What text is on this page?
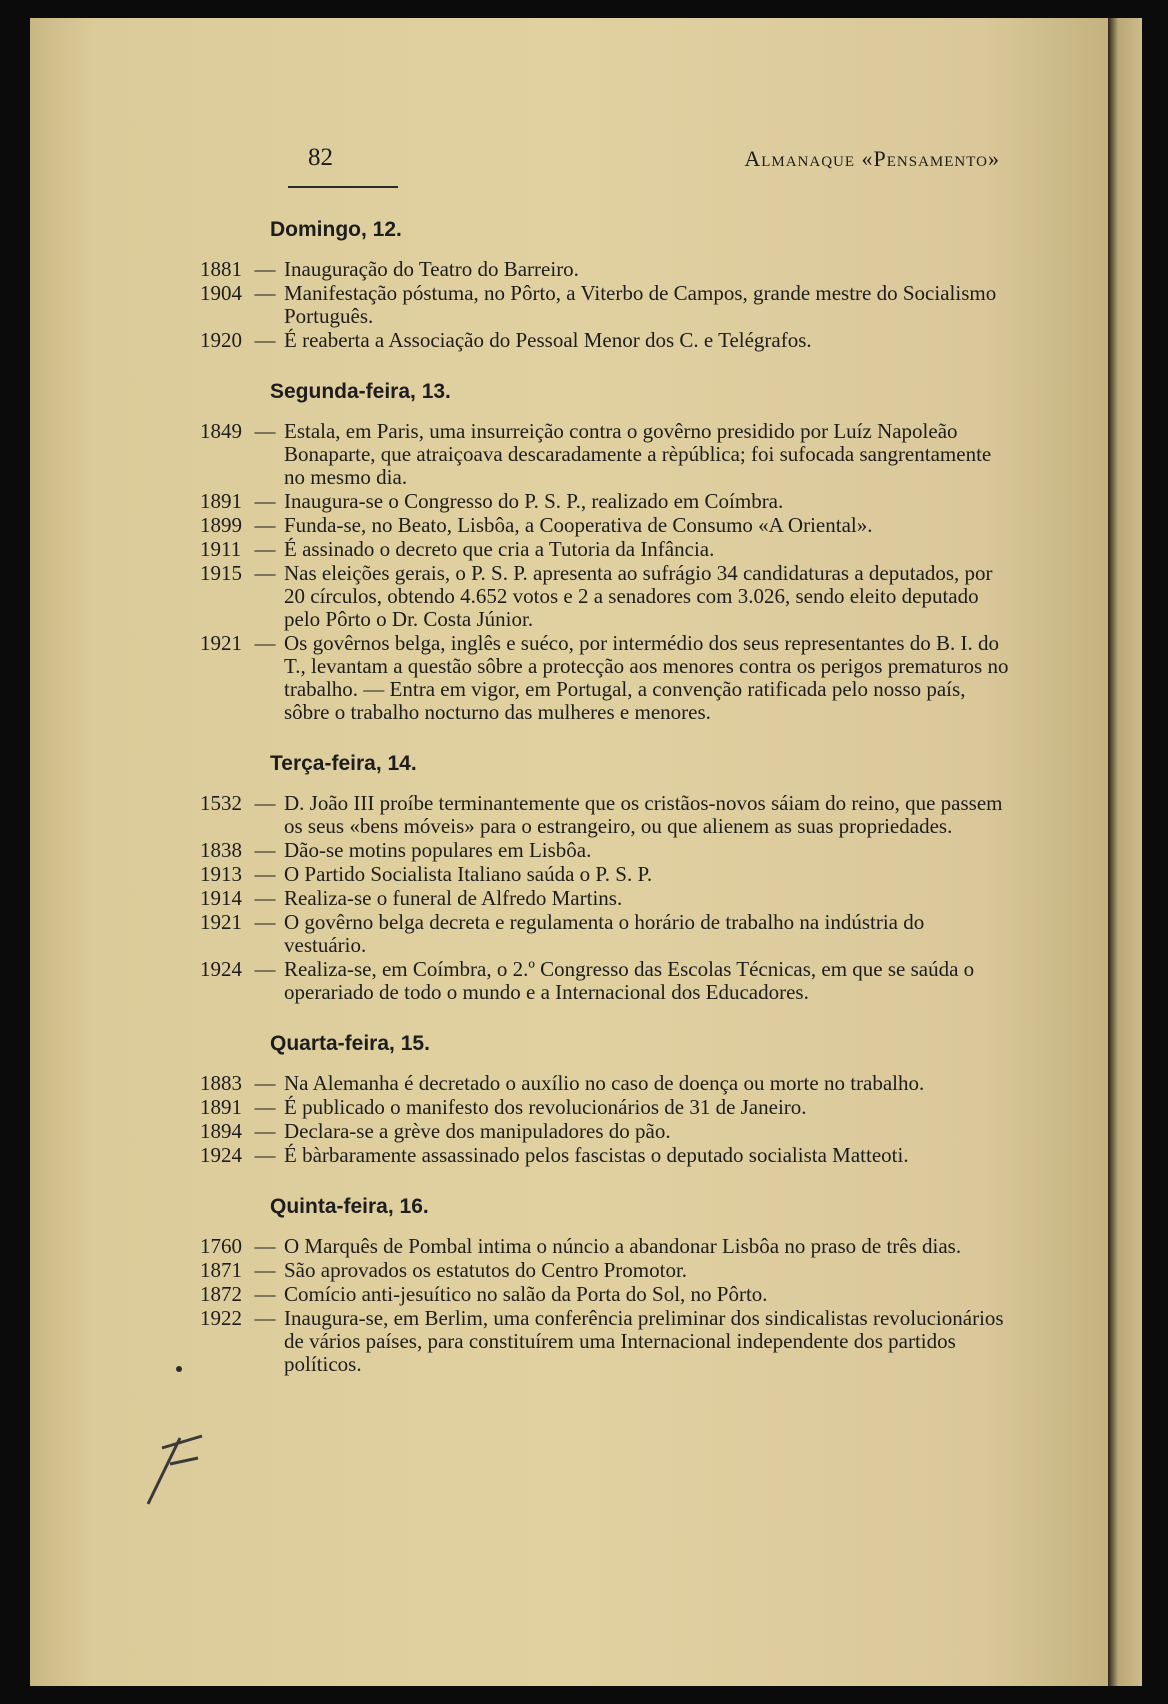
82	Almanaque «Pensamento»
Domingo, 12.
1881 — Inauguração do Teatro do Barreiro.
1904 — Manifestação póstuma, no Pôrto, a Viterbo de Campos, grande mestre do Socialismo Português.
1920 — É reaberta a Associação do Pessoal Menor dos C. e Telégrafos.
Segunda-feira, 13.
1849 — Estala, em Paris, uma insurreição contra o govêrno presidido por Luíz Napoleão Bonaparte, que atraiçoava descaradamente a rèpública; foi sufocada sangrentamente no mesmo dia.
1891 — Inaugura-se o Congresso do P. S. P., realizado em Coímbra.
1899 — Funda-se, no Beato, Lisbôa, a Cooperativa de Consumo «A Oriental».
1911 — É assinado o decreto que cria a Tutoria da Infância.
1915 — Nas eleições gerais, o P. S. P. apresenta ao sufrágio 34 candidaturas a deputados, por 20 círculos, obtendo 4.652 votos e 2 a senadores com 3.026, sendo eleito deputado pelo Pôrto o Dr. Costa Júnior.
1921 — Os govêrnos belga, inglês e suéco, por intermédio dos seus representantes do B. I. do T., levantam a questão sôbre a protecção aos menores contra os perigos prematuros no trabalho. — Entra em vigor, em Portugal, a convenção ratificada pelo nosso país, sôbre o trabalho nocturno das mulheres e menores.
Terça-feira, 14.
1532 — D. João III proíbe terminantemente que os cristãos-novos sáiam do reino, que passem os seus «bens móveis» para o estrangeiro, ou que alienem as suas propriedades.
1838 — Dão-se motins populares em Lisbôa.
1913 — O Partido Socialista Italiano saúda o P. S. P.
1914 — Realiza-se o funeral de Alfredo Martins.
1921 — O govêrno belga decreta e regulamenta o horário de trabalho na indústria do vestuário.
1924 — Realiza-se, em Coímbra, o 2.º Congresso das Escolas Técnicas, em que se saúda o operariado de todo o mundo e a Internacional dos Educadores.
Quarta-feira, 15.
1883 — Na Alemanha é decretado o auxílio no caso de doença ou morte no trabalho.
1891 — É publicado o manifesto dos revolucionários de 31 de Janeiro.
1894 — Declara-se a grève dos manipuladores do pão.
1924 — É bàrbaramente assassinado pelos fascistas o deputado socialista Matteoti.
Quinta-feira, 16.
1760 — O Marquês de Pombal intima o núncio a abandonar Lisbôa no praso de três dias.
1871 — São aprovados os estatutos do Centro Promotor.
1872 — Comício anti-jesuítico no salão da Porta do Sol, no Pôrto.
1922 — Inaugura-se, em Berlim, uma conferência preliminar dos sindicalistas revolucionários de vários países, para constituírem uma Internacional independente dos partidos políticos.
